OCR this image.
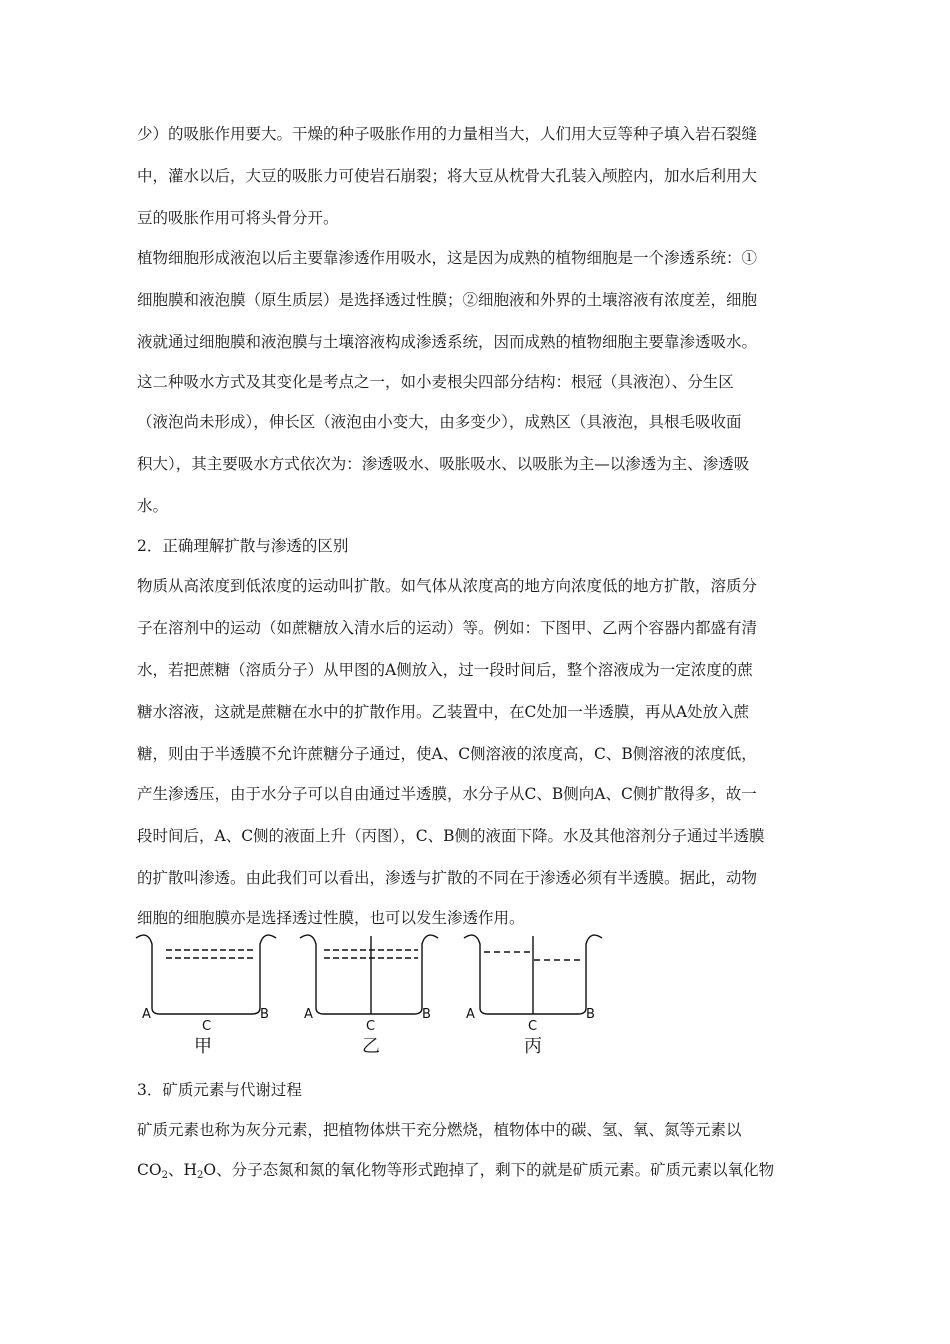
少）的吸胀作用要大。干燥的种子吸胀作用的力量相当大，人们用大豆等种子填入岩石裂缝

中，灌水以后，大豆的吸胀力可使岩石崩裂；将大豆从枕骨大孔装入颅腔内，加水后利用大

豆的吸胀作用可将头骨分开。

植物细胞形成液泡以后主要靠渗透作用吸水，这是因为成熟的植物细胞是一个渗透系统：①

细胞膜和液泡膜（原生质层）是选择透过性膜；②细胞液和外界的土壤溶液有浓度差，细胞

液就通过细胞膜和液泡膜与土壤溶液构成渗透系统，因而成熟的植物细胞主要靠渗透吸水。

这二种吸水方式及其变化是考点之一，如小麦根尖四部分结构：根冠（具液泡）、分生区

（液泡尚未形成），伸长区（液泡由小变大，由多变少），成熟区（具液泡，具根毛吸收面

积大），其主要吸水方式依次为：渗透吸水、吸胀吸水、以吸胀为主—以渗透为主、渗透吸

水。

2．正确理解扩散与渗透的区别

物质从高浓度到低浓度的运动叫扩散。如气体从浓度高的地方向浓度低的地方扩散，溶质分

子在溶剂中的运动（如蔗糖放入清水后的运动）等。例如：下图甲、乙两个容器内都盛有清

水，若把蔗糖（溶质分子）从甲图的A侧放入，过一段时间后，整个溶液成为一定浓度的蔗

糖水溶液，这就是蔗糖在水中的扩散作用。乙装置中，在C处加一半透膜，再从A处放入蔗

糖，则由于半透膜不允许蔗糖分子通过，使A、C侧溶液的浓度高，C、B侧溶液的浓度低，

产生渗透压，由于水分子可以自由通过半透膜，水分子从C、B侧向A、C侧扩散得多，故一

段时间后，A、C侧的液面上升（丙图），C、B侧的液面下降。水及其他溶剂分子通过半透膜

的扩散叫渗透。由此我们可以看出，渗透与扩散的不同在于渗透必须有半透膜。据此，动物

细胞的细胞膜亦是选择透过性膜，也可以发生渗透作用。

A
C
B
甲
A
C
B
乙
A
C
B
丙

3．矿质元素与代谢过程

矿质元素也称为灰分元素，把植物体烘干充分燃烧，植物体中的碳、氢、氧、氮等元素以

$CO_2$、$H_2O$、分子态氮和氮的氧化物等形式跑掉了，剩下的就是矿质元素。矿质元素以氧化物
